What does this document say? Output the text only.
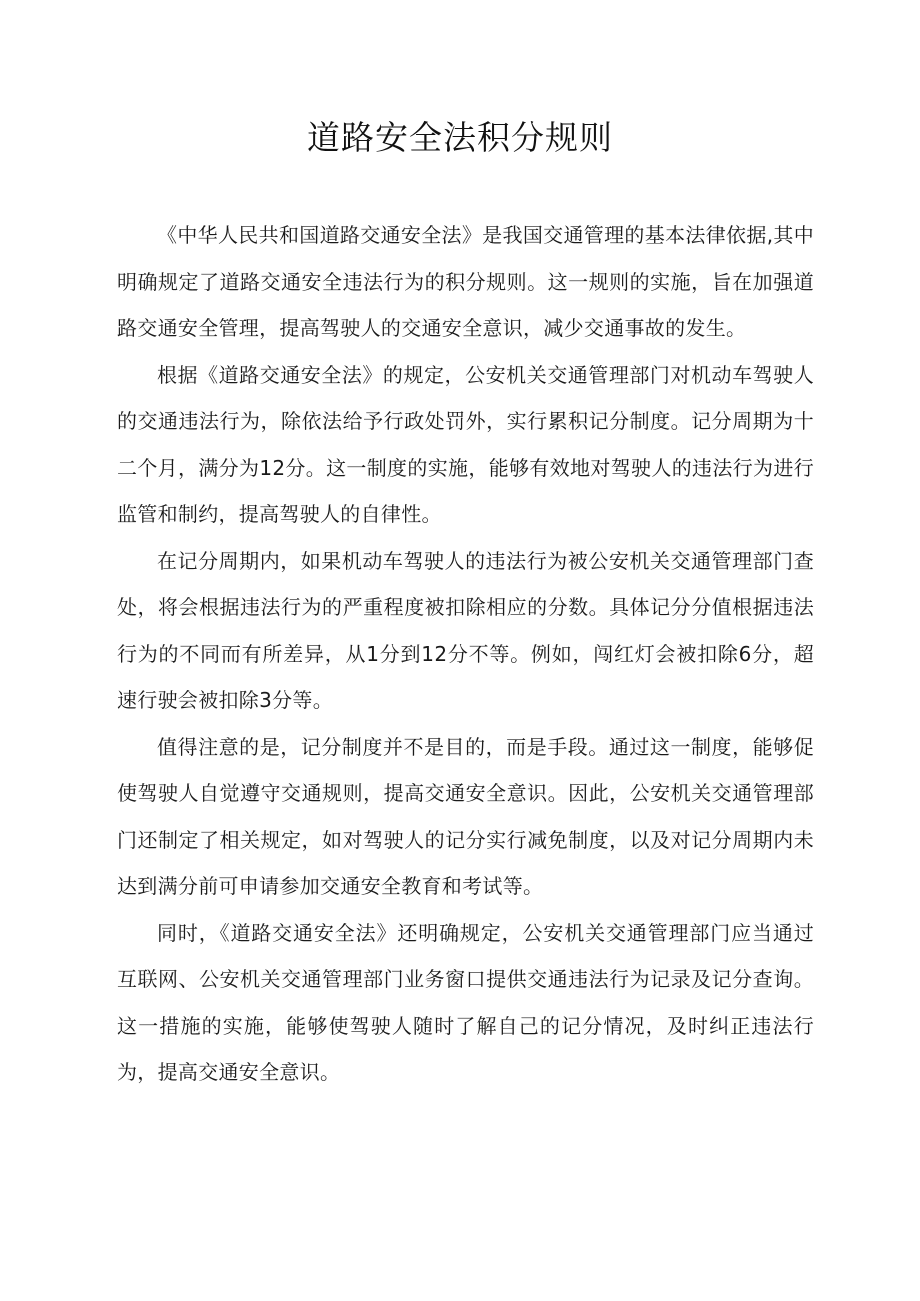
道路安全法积分规则

《中华人民共和国道路交通安全法》是我国交通管理的基本法律依据,其中明确规定了道路交通安全违法行为的积分规则。这一规则的实施，旨在加强道路交通安全管理，提高驾驶人的交通安全意识，减少交通事故的发生。

根据《道路交通安全法》的规定，公安机关交通管理部门对机动车驾驶人的交通违法行为，除依法给予行政处罚外，实行累积记分制度。记分周期为十二个月，满分为12分。这一制度的实施，能够有效地对驾驶人的违法行为进行监管和制约，提高驾驶人的自律性。

在记分周期内，如果机动车驾驶人的违法行为被公安机关交通管理部门查处，将会根据违法行为的严重程度被扣除相应的分数。具体记分分值根据违法行为的不同而有所差异，从1分到12分不等。例如，闯红灯会被扣除6分，超速行驶会被扣除3分等。

值得注意的是，记分制度并不是目的，而是手段。通过这一制度，能够促使驾驶人自觉遵守交通规则，提高交通安全意识。因此，公安机关交通管理部门还制定了相关规定，如对驾驶人的记分实行减免制度，以及对记分周期内未达到满分前可申请参加交通安全教育和考试等。

同时，《道路交通安全法》还明确规定，公安机关交通管理部门应当通过互联网、公安机关交通管理部门业务窗口提供交通违法行为记录及记分查询。这一措施的实施，能够使驾驶人随时了解自己的记分情况，及时纠正违法行为，提高交通安全意识。
